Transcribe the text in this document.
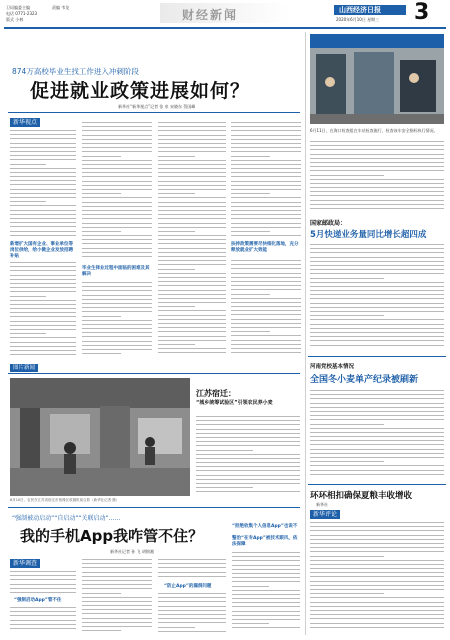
卫局编委主编	责编 韦龙
电话 0771-2323
版式 小林	财经新闻	山西经济日报
2020年6月10日 星期三 3
874万高校毕业生找工作进入冲刺阶段
促进就业政策进展如何？
新华社“新华视点”记者 张 泉 宋晓东 蔡国峰
新华视点
新增扩大国有企业、事业单位等岗位供给，给小微企业发放招聘补贴
毕业生择业过程中面临的困难及其解决
扶持政策需要尽快细化落地，充分释放就业扩大效能
图片新闻
江苏宿迁：
“城乡统筹试验区”引领农民养小麦
6月10日，农民在江苏省宿迁市宿豫区收割机前合影（新华社记者 摄）
“强制被动启动”“自启动”“关联启动”……
我的手机App我咋管不住？
新华社记者 孙 飞 胡锦湘
新华调查
“强制启动App”管不住
“防止App”的漏洞问题
“拒绝收集个人信息App”也说不
整治“在专App”被技术跟风，依法保障
6月11日，在海口检查组在车站检查施行，检查该车安全指标执行情况。
国家邮政局：
5月快递业务量同比增长超四成
河南党校基本情况
全国冬小麦单产纪录被刷新
环环相扣确保夏粮丰收增收
新华社
新华评论
